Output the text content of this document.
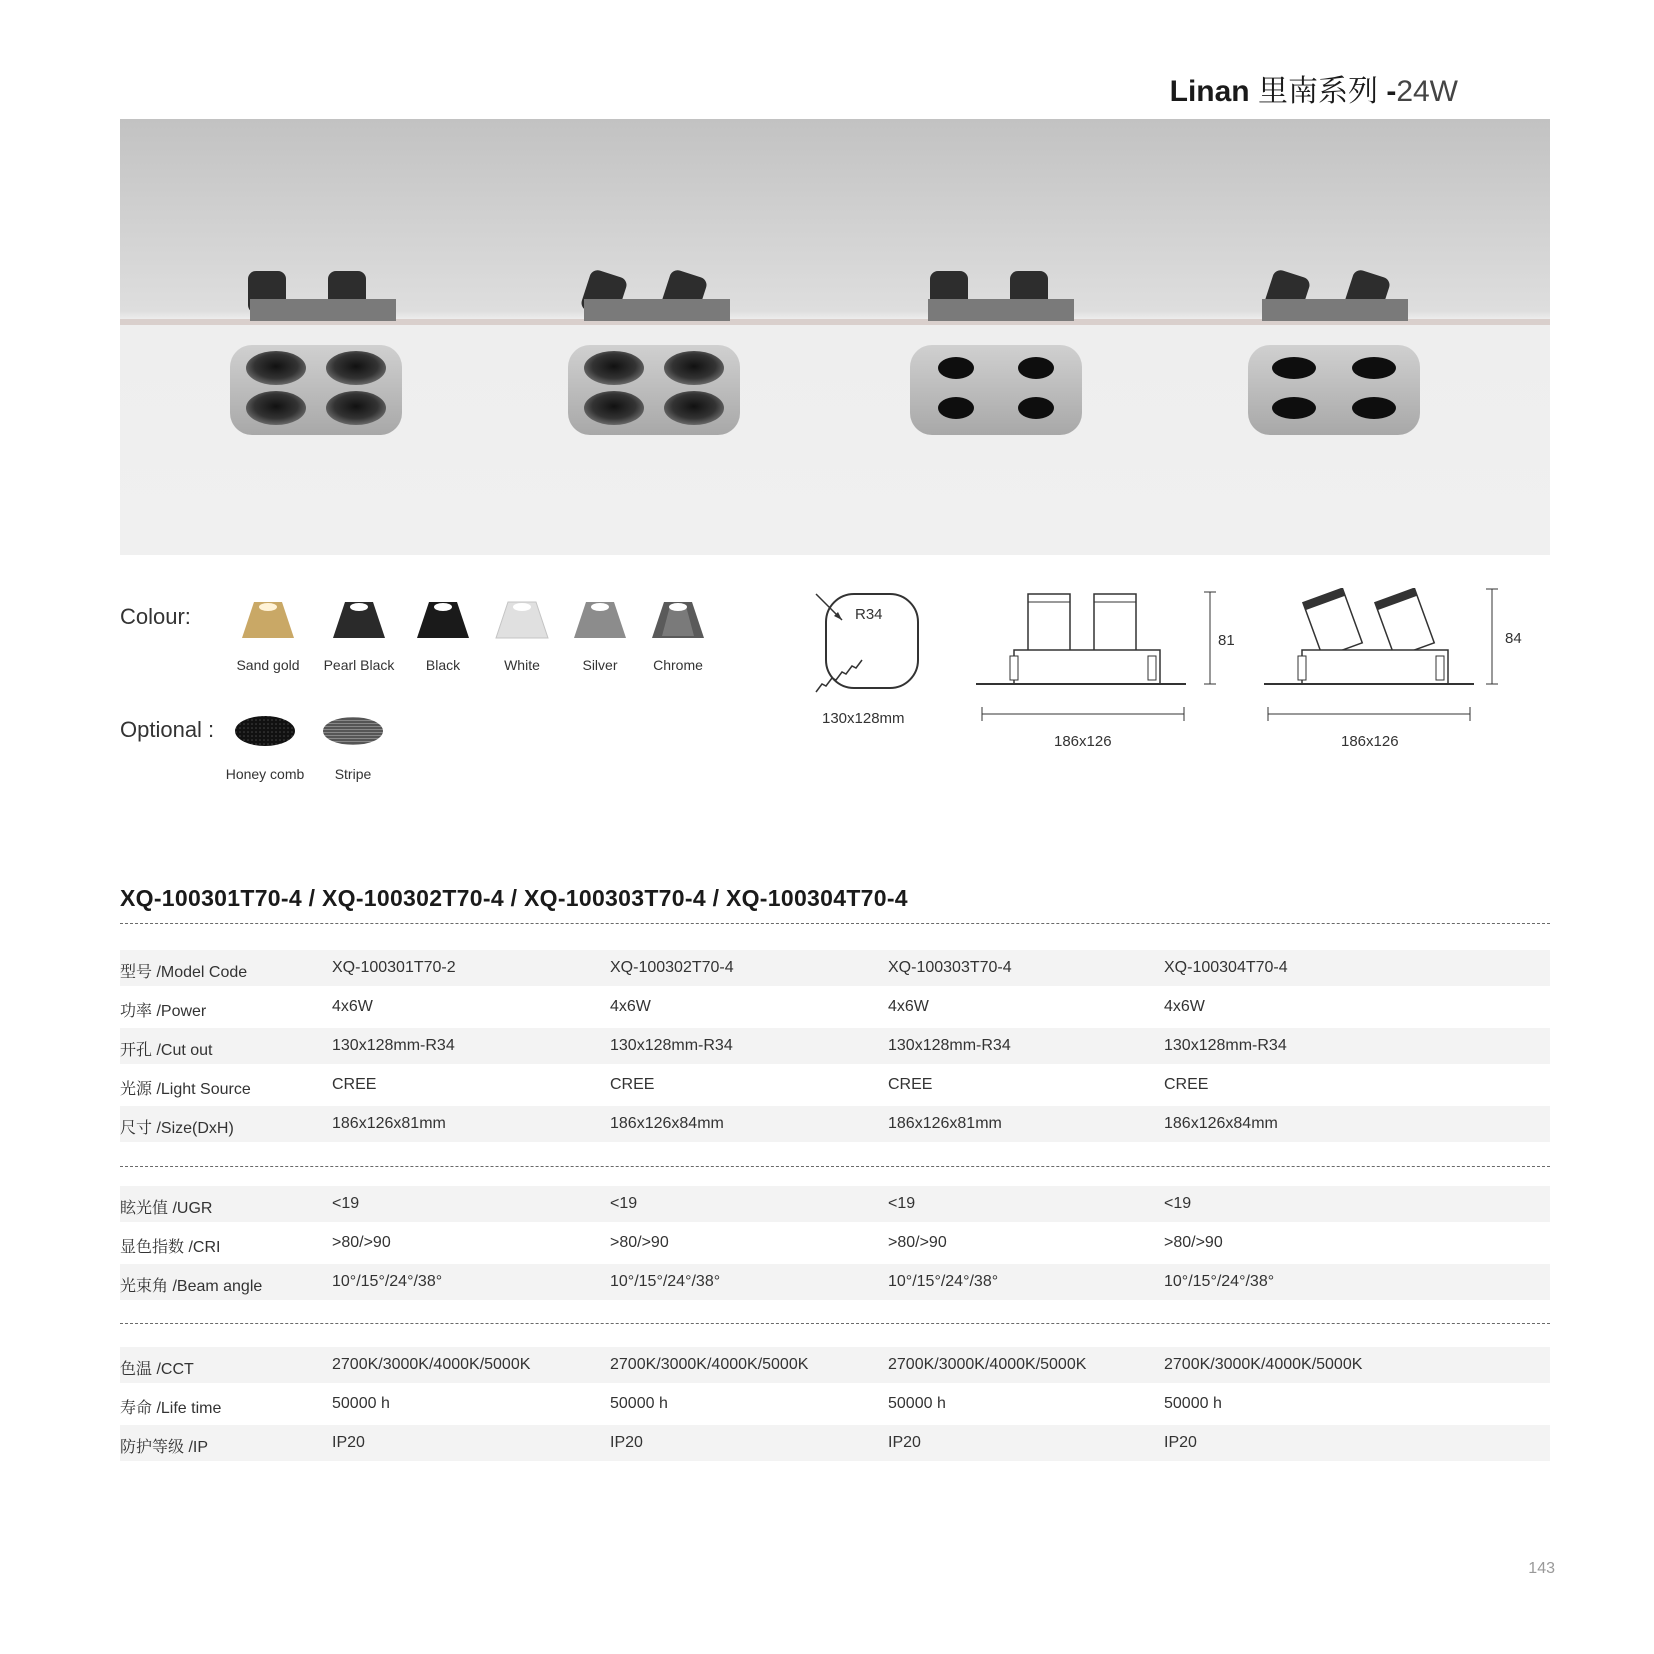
Linan 里南系列 -24W
Colour:
Sand gold	Pearl Black	Black	White	Silver	Chrome
Optional :
Honey comb	Stripe
R34
130x128mm
81
186x126
84
186x126
XQ-100301T70-4 / XQ-100302T70-4 / XQ-100303T70-4 / XQ-100304T70-4
型号 /Model Code	XQ-100301T70-2	XQ-100302T70-4	XQ-100303T70-4	XQ-100304T70-4
功率 /Power	4x6W	4x6W	4x6W	4x6W
开孔 /Cut out	130x128mm-R34	130x128mm-R34	130x128mm-R34	130x128mm-R34
光源 /Light Source	CREE	CREE	CREE	CREE
尺寸 /Size(DxH)	186x126x81mm	186x126x84mm	186x126x81mm	186x126x84mm
眩光值 /UGR	<19	<19	<19	<19
显色指数 /CRI	>80/>90	>80/>90	>80/>90	>80/>90
光束角 /Beam angle	10°/15°/24°/38°	10°/15°/24°/38°	10°/15°/24°/38°	10°/15°/24°/38°
色温 /CCT	2700K/3000K/4000K/5000K	2700K/3000K/4000K/5000K	2700K/3000K/4000K/5000K	2700K/3000K/4000K/5000K
寿命 /Life time	50000 h	50000 h	50000 h	50000 h
防护等级 /IP	IP20	IP20	IP20	IP20
143
